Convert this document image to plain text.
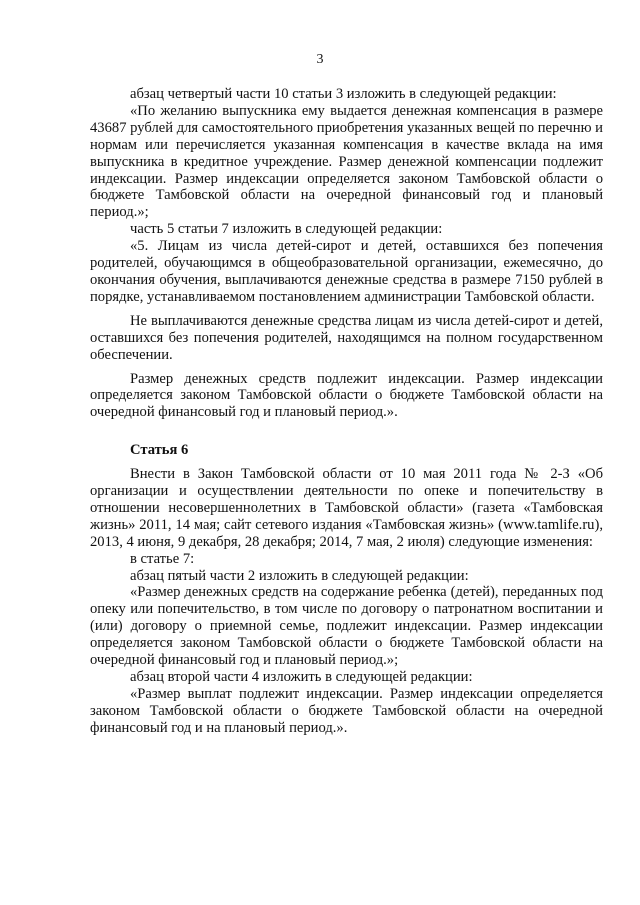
3

абзац четвертый части 10 статьи 3 изложить в следующей редакции:

«По желанию выпускника ему выдается денежная компенсация в размере 43687 рублей для самостоятельного приобретения указанных вещей по перечню и нормам или перечисляется указанная компенсация в качестве вклада на имя выпускника в кредитное учреждение. Размер денежной компенсации подлежит индексации. Размер индексации определяется законом Тамбовской области о бюджете Тамбовской области на очередной финансовый год и плановый период.»;

часть 5 статьи 7 изложить в следующей редакции:

«5. Лицам из числа детей-сирот и детей, оставшихся без попечения родителей, обучающимся в общеобразовательной организации, ежемесячно, до окончания обучения, выплачиваются денежные средства в размере 7150 рублей в порядке, устанавливаемом постановлением администрации Тамбовской области.

Не выплачиваются денежные средства лицам из числа детей-сирот и детей, оставшихся без попечения родителей, находящимся на полном государственном обеспечении.

Размер денежных средств подлежит индексации. Размер индексации определяется законом Тамбовской области о бюджете Тамбовской области на очередной финансовый год и плановый период.».

Статья 6

Внести в Закон Тамбовской области от 10 мая 2011 года № 2-З «Об организации и осуществлении деятельности по опеке и попечительству в отношении несовершеннолетних в Тамбовской области» (газета «Тамбовская жизнь» 2011, 14 мая; сайт сетевого издания «Тамбовская жизнь» (www.tamlife.ru), 2013, 4 июня, 9 декабря, 28 декабря; 2014, 7 мая, 2 июля) следующие изменения:

в статье 7:

абзац пятый части 2 изложить в следующей редакции:

«Размер денежных средств на содержание ребенка (детей), переданных под опеку или попечительство, в том числе по договору о патронатном воспитании и (или) договору о приемной семье, подлежит индексации. Размер индексации определяется законом Тамбовской области о бюджете Тамбовской области на очередной финансовый год и плановый период.»;

абзац второй части 4 изложить в следующей редакции:

«Размер выплат подлежит индексации. Размер индексации определяется законом Тамбовской области о бюджете Тамбовской области на очередной финансовый год и на плановый период.».
